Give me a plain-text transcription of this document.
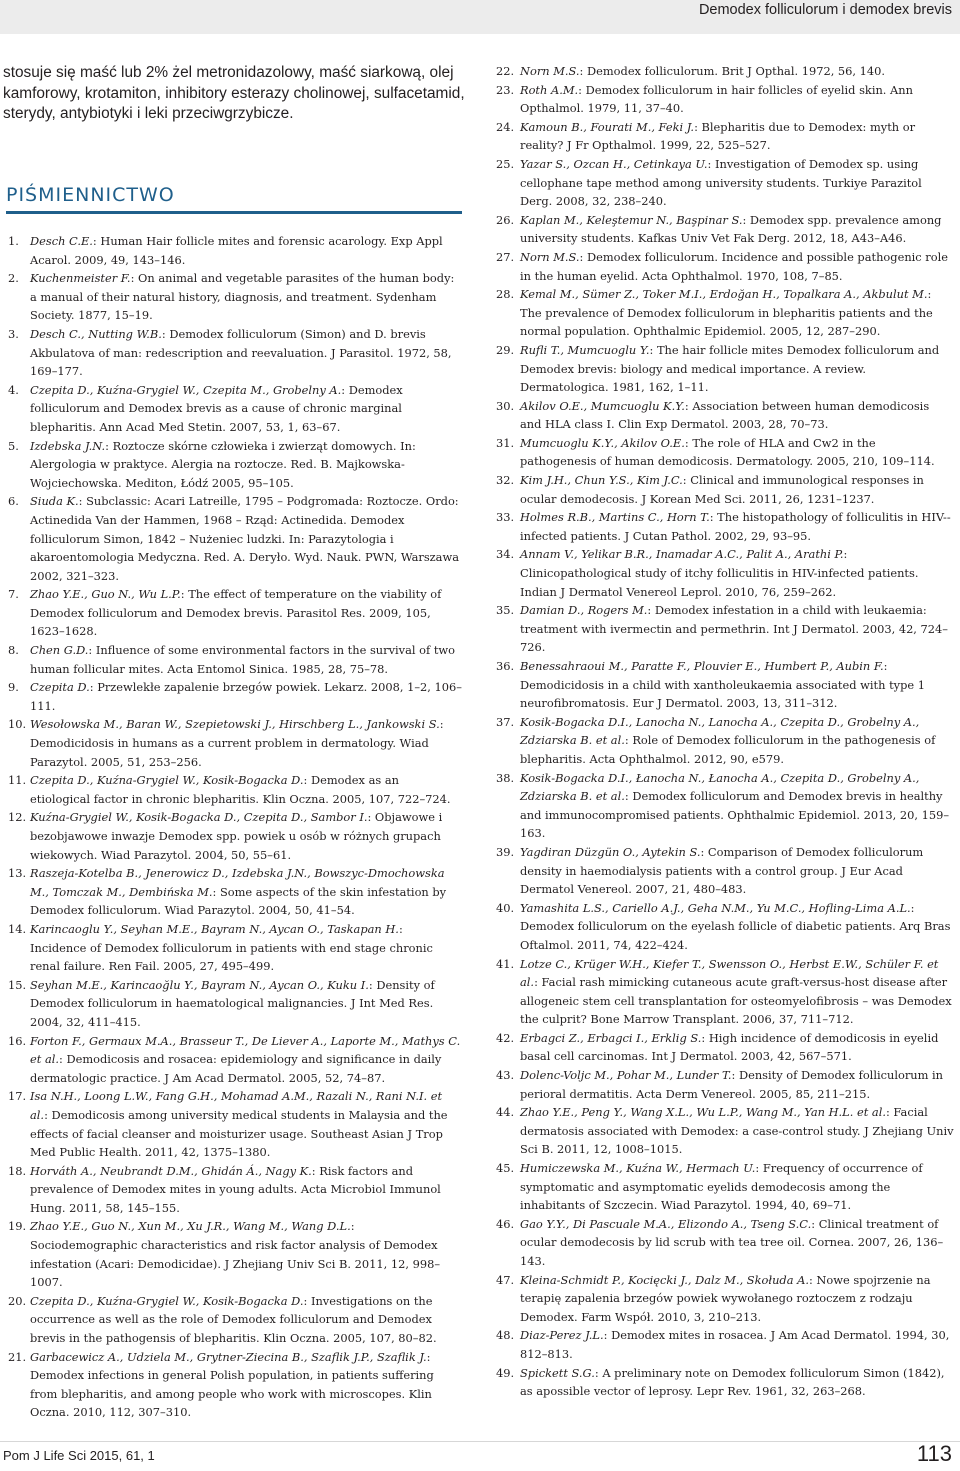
Demodex folliculorum i demodex brevis

stosuje się maść lub 2% żel metronidazolowy, maść siarkową, olej kamforowy, krotamiton, inhibitory esterazy cholinowej, sulfacetamid, sterydy, antybiotyki i leki przeciwgrzybicze.

PIŚMIENNICTWO
1. Desch C.E.: Human Hair follicle mites and forensic acarology. Exp Appl Acarol. 2009, 49, 143–146.
2. Kuchenmeister F.: On animal and vegetable parasites of the human body: a manual of their natural history, diagnosis, and treatment. Sydenham Society. 1877, 15–19.
3. Desch C., Nutting W.B.: Demodex folliculorum (Simon) and D. brevis Akbulatova of man: redescription and reevaluation. J Parasitol. 1972, 58, 169–177.
4. Czepita D., Kuźna-Grygiel W., Czepita M., Grobelny A.: Demodex folliculorum and Demodex brevis as a cause of chronic marginal blepharitis. Ann Acad Med Stetin. 2007, 53, 1, 63–67.
5. Izdebska J.N.: Roztocze skórne człowieka i zwierząt domowych. In: Alergologia w praktyce. Alergia na roztocze. Red. B. Majkowska-Wojciechowska. Mediton, Łódź 2005, 95–105.
6. Siuda K.: Subclassic: Acari Latreille, 1795 – Podgromada: Roztocze. Ordo: Actinedida Van der Hammen, 1968 – Rząd: Actinedida. Demodex folliculorum Simon, 1842 – Nużeniec ludzki. In: Parazytologia i akaroentomologia Medyczna. Red. A. Deryło. Wyd. Nauk. PWN, Warszawa 2002, 321–323.
7. Zhao Y.E., Guo N., Wu L.P.: The effect of temperature on the viability of Demodex folliculorum and Demodex brevis. Parasitol Res. 2009, 105, 1623–1628.
8. Chen G.D.: Influence of some environmental factors in the survival of two human follicular mites. Acta Entomol Sinica. 1985, 28, 75–78.
9. Czepita D.: Przewlekłe zapalenie brzegów powiek. Lekarz. 2008, 1–2, 106–111.
10. Wesołowska M., Baran W., Szepietowski J., Hirschberg L., Jankowski S.: Demodicidosis in humans as a current problem in dermatology. Wiad Parazytol. 2005, 51, 253–256.
11. Czepita D., Kuźna-Grygiel W., Kosik-Bogacka D.: Demodex as an etiological factor in chronic blepharitis. Klin Oczna. 2005, 107, 722–724.
12. Kuźna-Grygiel W., Kosik-Bogacka D., Czepita D., Sambor I.: Objawowe i bezobjawowe inwazje Demodex spp. powiek u osób w różnych grupach wiekowych. Wiad Parazytol. 2004, 50, 55–61.
13. Raszeja-Kotelba B., Jenerowicz D., Izdebska J.N., Bowszyc-Dmochowska M., Tomczak M., Dembińska M.: Some aspects of the skin infestation by Demodex folliculorum. Wiad Parazytol. 2004, 50, 41–54.
14. Karincaoglu Y., Seyhan M.E., Bayram N., Aycan O., Taskapan H.: Incidence of Demodex folliculorum in patients with end stage chronic renal failure. Ren Fail. 2005, 27, 495–499.
15. Seyhan M.E., Karincaoğlu Y., Bayram N., Aycan O., Kuku I.: Density of Demodex folliculorum in haematological malignancies. J Int Med Res. 2004, 32, 411–415.
16. Forton F., Germaux M.A., Brasseur T., De Liever A., Laporte M., Mathys C. et al.: Demodicosis and rosacea: epidemiology and significance in daily dermatologic practice. J Am Acad Dermatol. 2005, 52, 74–87.
17. Isa N.H., Loong L.W., Fang G.H., Mohamad A.M., Razali N., Rani N.I. et al.: Demodicosis among university medical students in Malaysia and the effects of facial cleanser and moisturizer usage. Southeast Asian J Trop Med Public Health. 2011, 42, 1375–1380.
18. Horváth A., Neubrandt D.M., Ghidán Á., Nagy K.: Risk factors and prevalence of Demodex mites in young adults. Acta Microbiol Immunol Hung. 2011, 58, 145–155.
19. Zhao Y.E., Guo N., Xun M., Xu J.R., Wang M., Wang D.L.: Sociodemographic characteristics and risk factor analysis of Demodex infestation (Acari: Demodicidae). J Zhejiang Univ Sci B. 2011, 12, 998–1007.
20. Czepita D., Kuźna-Grygiel W., Kosik-Bogacka D.: Investigations on the occurrence as well as the role of Demodex folliculorum and Demodex brevis in the pathogensis of blepharitis. Klin Oczna. 2005, 107, 80–82.
21. Garbacewicz A., Udziela M., Grytner-Ziecina B., Szaflik J.P., Szaflik J.: Demodex infections in general Polish population, in patients suffering from blepharitis, and among people who work with microscopes. Klin Oczna. 2010, 112, 307–310.
22. Norn M.S.: Demodex folliculorum. Brit J Opthal. 1972, 56, 140.
23. Roth A.M.: Demodex folliculorum in hair follicles of eyelid skin. Ann Opthalmol. 1979, 11, 37–40.
24. Kamoun B., Fourati M., Feki J.: Blepharitis due to Demodex: myth or reality? J Fr Opthalmol. 1999, 22, 525–527.
25. Yazar S., Ozcan H., Cetinkaya U.: Investigation of Demodex sp. using cellophane tape method among university students. Turkiye Parazitol Derg. 2008, 32, 238–240.
26. Kaplan M., Keleştemur N., Başpinar S.: Demodex spp. prevalence among university students. Kafkas Univ Vet Fak Derg. 2012, 18, A43–A46.
27. Norn M.S.: Demodex folliculorum. Incidence and possible pathogenic role in the human eyelid. Acta Ophthalmol. 1970, 108, 7–85.
28. Kemal M., Sümer Z., Toker M.I., Erdoğan H., Topalkara A., Akbulut M.: The prevalence of Demodex folliculorum in blepharitis patients and the normal population. Ophthalmic Epidemiol. 2005, 12, 287–290.
29. Rufli T., Mumcuoglu Y.: The hair follicle mites Demodex folliculorum and Demodex brevis: biology and medical importance. A review. Dermatologica. 1981, 162, 1–11.
30. Akilov O.E., Mumcuoglu K.Y.: Association between human demodicosis and HLA class I. Clin Exp Dermatol. 2003, 28, 70–73.
31. Mumcuoglu K.Y., Akilov O.E.: The role of HLA and Cw2 in the pathogenesis of human demodicosis. Dermatology. 2005, 210, 109–114.
32. Kim J.H., Chun Y.S., Kim J.C.: Clinical and immunological responses in ocular demodecosis. J Korean Med Sci. 2011, 26, 1231–1237.
33. Holmes R.B., Martins C., Horn T.: The histopathology of folliculitis in HIV--infected patients. J Cutan Pathol. 2002, 29, 93–95.
34. Annam V., Yelikar B.R., Inamadar A.C., Palit A., Arathi P.: Clinicopathological study of itchy folliculitis in HIV-infected patients. Indian J Dermatol Venereol Leprol. 2010, 76, 259–262.
35. Damian D., Rogers M.: Demodex infestation in a child with leukaemia: treatment with ivermectin and permethrin. Int J Dermatol. 2003, 42, 724–726.
36. Benessahraoui M., Paratte F., Plouvier E., Humbert P., Aubin F.: Demodicidosis in a child with xantholeukaemia associated with type 1 neurofibromatosis. Eur J Dermatol. 2003, 13, 311–312.
37. Kosik-Bogacka D.I., Lanocha N., Lanocha A., Czepita D., Grobelny A., Zdziarska B. et al.: Role of Demodex folliculorum in the pathogenesis of blepharitis. Acta Ophthalmol. 2012, 90, e579.
38. Kosik-Bogacka D.I., Łanocha N., Łanocha A., Czepita D., Grobelny A., Zdziarska B. et al.: Demodex folliculorum and Demodex brevis in healthy and immunocompromised patients. Ophthalmic Epidemiol. 2013, 20, 159–163.
39. Yagdiran Düzgün O., Aytekin S.: Comparison of Demodex folliculorum density in haemodialysis patients with a control group. J Eur Acad Dermatol Venereol. 2007, 21, 480–483.
40. Yamashita L.S., Cariello A.J., Geha N.M., Yu M.C., Hofling-Lima A.L.: Demodex folliculorum on the eyelash follicle of diabetic patients. Arq Bras Oftalmol. 2011, 74, 422–424.
41. Lotze C., Krüger W.H., Kiefer T., Swensson O., Herbst E.W., Schüler F. et al.: Facial rash mimicking cutaneous acute graft-versus-host disease after allogeneic stem cell transplantation for osteomyelofibrosis – was Demodex the culprit? Bone Marrow Transplant. 2006, 37, 711–712.
42. Erbagci Z., Erbagci I., Erklig S.: High incidence of demodicosis in eyelid basal cell carcinomas. Int J Dermatol. 2003, 42, 567–571.
43. Dolenc-Voljc M., Pohar M., Lunder T.: Density of Demodex folliculorum in perioral dermatitis. Acta Derm Venereol. 2005, 85, 211–215.
44. Zhao Y.E., Peng Y., Wang X.L., Wu L.P., Wang M., Yan H.L. et al.: Facial dermatosis associated with Demodex: a case-control study. J Zhejiang Univ Sci B. 2011, 12, 1008–1015.
45. Humiczewska M., Kuźna W., Hermach U.: Frequency of occurrence of symptomatic and asymptomatic eyelids demodecosis among the inhabitants of Szczecin. Wiad Parazytol. 1994, 40, 69–71.
46. Gao Y.Y., Di Pascuale M.A., Elizondo A., Tseng S.C.: Clinical treatment of ocular demodecosis by lid scrub with tea tree oil. Cornea. 2007, 26, 136–143.
47. Kleina-Schmidt P., Kocięcki J., Dalz M., Skołuda A.: Nowe spojrzenie na terapię zapalenia brzegów powiek wywołanego roztoczem z rodzaju Demodex. Farm Współ. 2010, 3, 210–213.
48. Diaz-Perez J.L.: Demodex mites in rosacea. J Am Acad Dermatol. 1994, 30, 812–813.
49. Spickett S.G.: A preliminary note on Demodex folliculorum Simon (1842), as apossible vector of leprosy. Lepr Rev. 1961, 32, 263–268.
Pom J Life Sci 2015, 61, 1	113
